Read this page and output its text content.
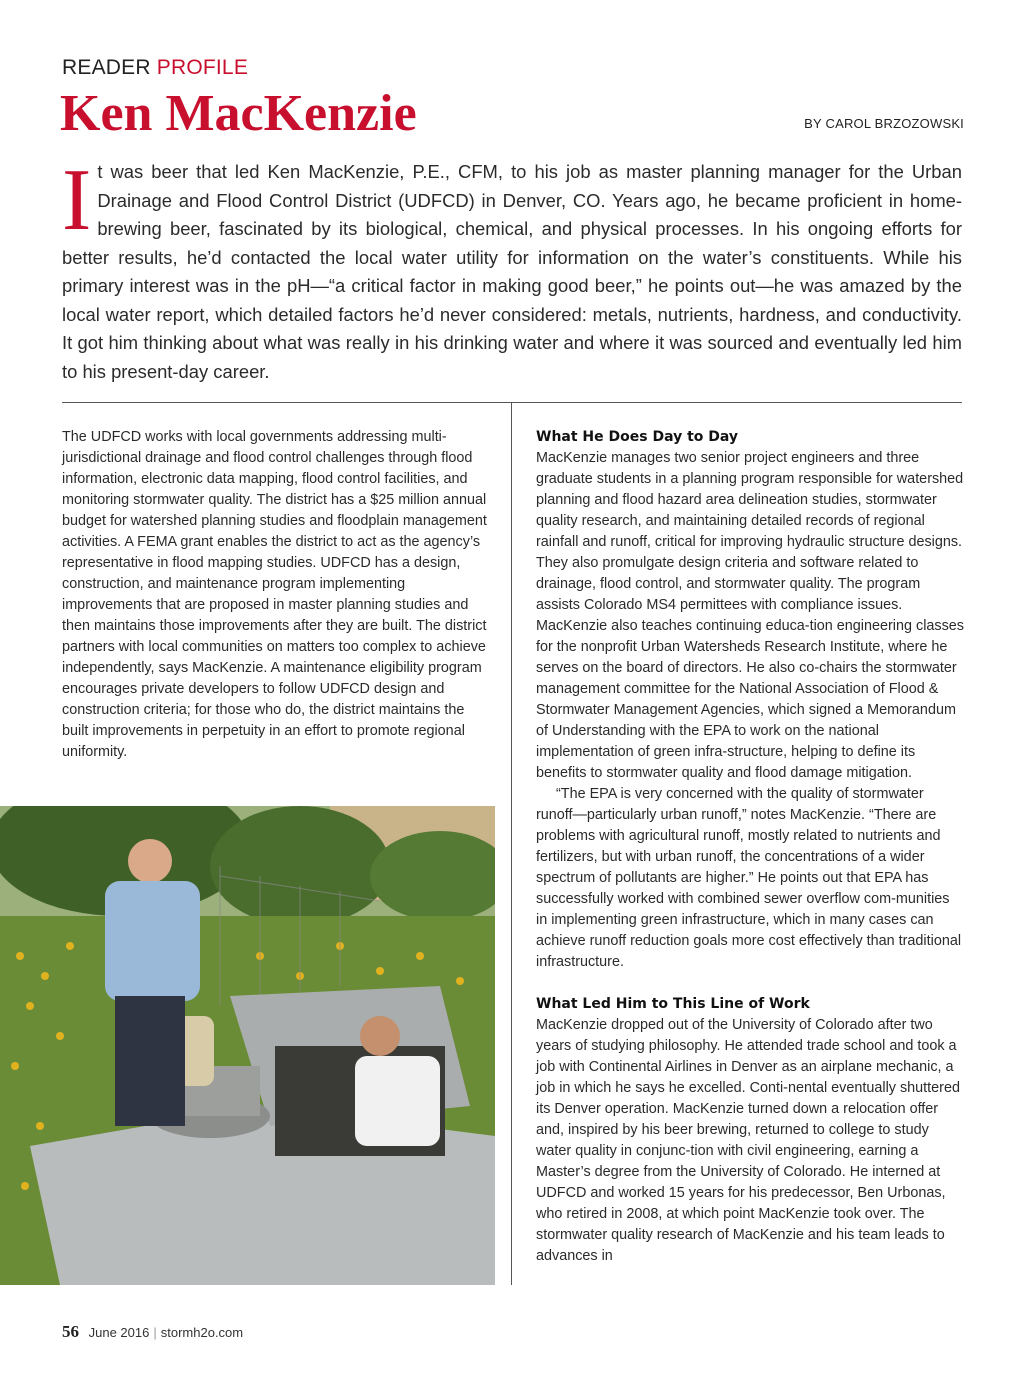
READER PROFILE
Ken MacKenzie	BY CAROL BRZOZOWSKI
I t was beer that led Ken MacKenzie, P.E., CFM, to his job as master planning manager for the Urban Drainage and Flood Control District (UDFCD) in Denver, CO. Years ago, he became proficient in home-brewing beer, fascinated by its biological, chemical, and physical processes. In his ongoing efforts for better results, he’d contacted the local water utility for information on the water’s constituents. While his primary interest was in the pH—“a critical factor in making good beer,” he points out—he was amazed by the local water report, which detailed factors he’d never considered: metals, nutrients, hardness, and conductivity. It got him thinking about what was really in his drinking water and where it was sourced and eventually led him to his present-day career.

The UDFCD works with local governments addressing multi-jurisdictional drainage and flood control challenges through flood information, electronic data mapping, flood control facilities, and monitoring stormwater quality. The district has a $25 million annual budget for watershed planning studies and floodplain management activities. A FEMA grant enables the district to act as the agency’s representative in flood mapping studies. UDFCD has a design, construction, and maintenance program implementing improvements that are proposed in master planning studies and then maintains those improvements after they are built. The district partners with local communities on matters too complex to achieve independently, says MacKenzie. A maintenance eligibility program encourages private developers to follow UDFCD design and construction criteria; for those who do, the district maintains the built improvements in perpetuity in an effort to promote regional uniformity.

What He Does Day to Day

MacKenzie manages two senior project engineers and three graduate students in a planning program responsible for watershed planning and flood hazard area delineation studies, stormwater quality research, and maintaining detailed records of regional rainfall and runoff, critical for improving hydraulic structure designs. They also promulgate design criteria and software related to drainage, flood control, and stormwater quality. The program assists Colorado MS4 permittees with compliance issues. MacKenzie also teaches continuing educa-tion engineering classes for the nonprofit Urban Watersheds Research Institute, where he serves on the board of directors. He also co-chairs the stormwater management committee for the National Association of Flood & Stormwater Management Agencies, which signed a Memorandum of Understanding with the EPA to work on the national implementation of green infra-structure, helping to define its benefits to stormwater quality and flood damage mitigation.

“The EPA is very concerned with the quality of stormwater runoff—particularly urban runoff,” notes MacKenzie. “There are problems with agricultural runoff, mostly related to nutrients and fertilizers, but with urban runoff, the concentrations of a wider spectrum of pollutants are higher.” He points out that EPA has successfully worked with combined sewer overflow com-munities in implementing green infrastructure, which in many cases can achieve runoff reduction goals more cost effectively than traditional infrastructure.

What Led Him to This Line of Work

MacKenzie dropped out of the University of Colorado after two years of studying philosophy. He attended trade school and took a job with Continental Airlines in Denver as an airplane mechanic, a job in which he says he excelled. Conti-nental eventually shuttered its Denver operation. MacKenzie turned down a relocation offer and, inspired by his beer brewing, returned to college to study water quality in conjunc-tion with civil engineering, earning a Master’s degree from the University of Colorado. He interned at UDFCD and worked 15 years for his predecessor, Ben Urbonas, who retired in 2008, at which point MacKenzie took over. The stormwater quality research of MacKenzie and his team leads to advances in

56 June 2016 | stormh2o.com
